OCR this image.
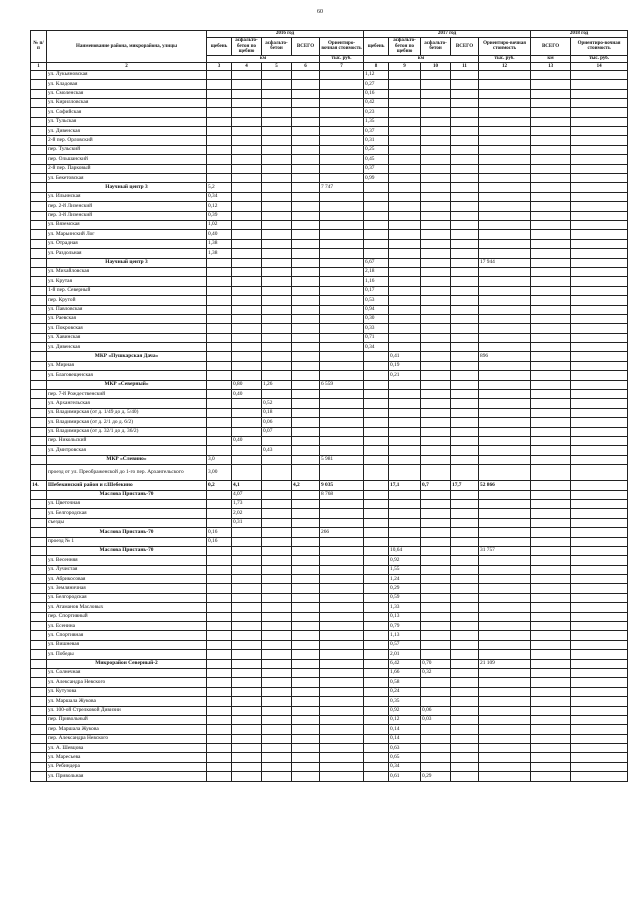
60
№ п/п	Наименование района, микрорайона, улицы	2016 год					2017 год					2018 год	
		щебень	асфальто-бетон по щебню	асфальто-бетон	ВСЕГО	Ориентиро-вочная стоимость	щебень	асфальто-бетон по щебню	асфальто-бетон	ВСЕГО	Ориентиро-вочная стоимость	ВСЕГО	Ориентиро-вочная стоимость
		км				тыс. руб.	км				тыс. руб.	км	тыс. руб.
1	2	3	4	5	6	7	8	9	10	11	12	13	14
	ул. Лукьяновская						1,12						
	ул. Кладовая						0,27						
	ул. Смоленская						0,16						
	ул. Кирилловская						0,42						
	ул. Софийская						0,23						
	ул. Тульская						1,35						
	ул. Дивенская						0,37						
	2-й пер. Орловский						0,31						
	пер. Тульский						0,25						
	пер. Ольшанский						0,45						
	2-й пер. Парковый						0,37						
	ул. Бекетовская						0,99						
	Научный центр 3	5,2				7 747							
	ул. Ильинская	0,34											
	пер. 2-й Лизенский	0,12											
	пер. 3-й Лизенский	0,39											
	ул. Вяземская	1,02											
	ул. Марьинский Лог	0,40											
	ул. Отрадная	1,38											
	ул. Раздольная	1,38											
	Научный центр 3						6,67				17 944		
	ул. Михайловская						2,18						
	ул. Крутая						1,16						
	1-й пер. Северный						0,17						
	пер. Крутой						0,53						
	ул. Павловская						0,94						
	ул. Раевская						0,30						
	ул. Покровская						0,33						
	ул. Хавинская						0,71						
	ул. Дивенская						0,34						
	МКР «Пушкарская Дача»							0,41			896		
	ул. Мирная							0,19					
	ул. Благовещенская							0,21					
	МКР «Северный»		0,80	1,26		6 559							
	пер. 7-й Рождественский		0,40										
	ул. Архангельская			0,52									
	ул. Владимирская (от д. 1/49 до д. 5/40)			0,18									
	ул. Владимирская (от д. 2/1 до д. 6/2)			0,06									
	ул. Владимирская (от д. 32/1 до д. 36/2)			0,07									
	пер. Никольский		0,40										
	ул. Дмитровская			0,43									
	МКР «Слевино»	3,0				5 981							
	проезд от ул. Преображенской до 1-го пер. Архангельского	3,00											
14.	Шебекинский район и г.Шебекино	0,2	4,1		4,2	9 035		17,1	0,7	17,7	52 866		
	Маслова Пристань-70		4,07			8 768							
	ул. Цветочная		1,73										
	ул. Белгородская		2,02										
	съезды		0,31										
	Маслова Пристань-70	0,16				266							
	проезд № 1	0,16											
	Маслова Пристань-70							10,64			31 757		
	ул. Весенняя							0,92					
	ул. Лучистая							1,55					
	ул. Абрикосовая							1,24					
	ул. Земляничная							0,29					
	ул. Белгородская							0,59					
	ул. Атаманов Масловых							1,33					
	пер. Спортивный							0,13					
	ул. Есенина							0,79					
	ул. Спортивная							1,13					
	ул. Вишневая							0,57					
	ул. Победы							2,01					
	Микрорайон Северный-2							6,42	0,70		21 109		
	ул. Солнечная							1,66	0,32				
	ул. Александра Невского							0,58					
	ул. Кутузова							0,24					
	ул. Маршала Жукова							0,35					
	ул. 100-ой Стрелковой Дивизии							0,92	0,06				
	пер. Привольный							0,12	0,03				
	пер. Маршала Жукова							0,14					
	пер. Александра Невского							0,14					
	ул. А. Шевцова							0,63					
	ул. Маресьева							0,65					
	ул. Ребиндера							0,34					
	ул. Привольная							0,61	0,29				
